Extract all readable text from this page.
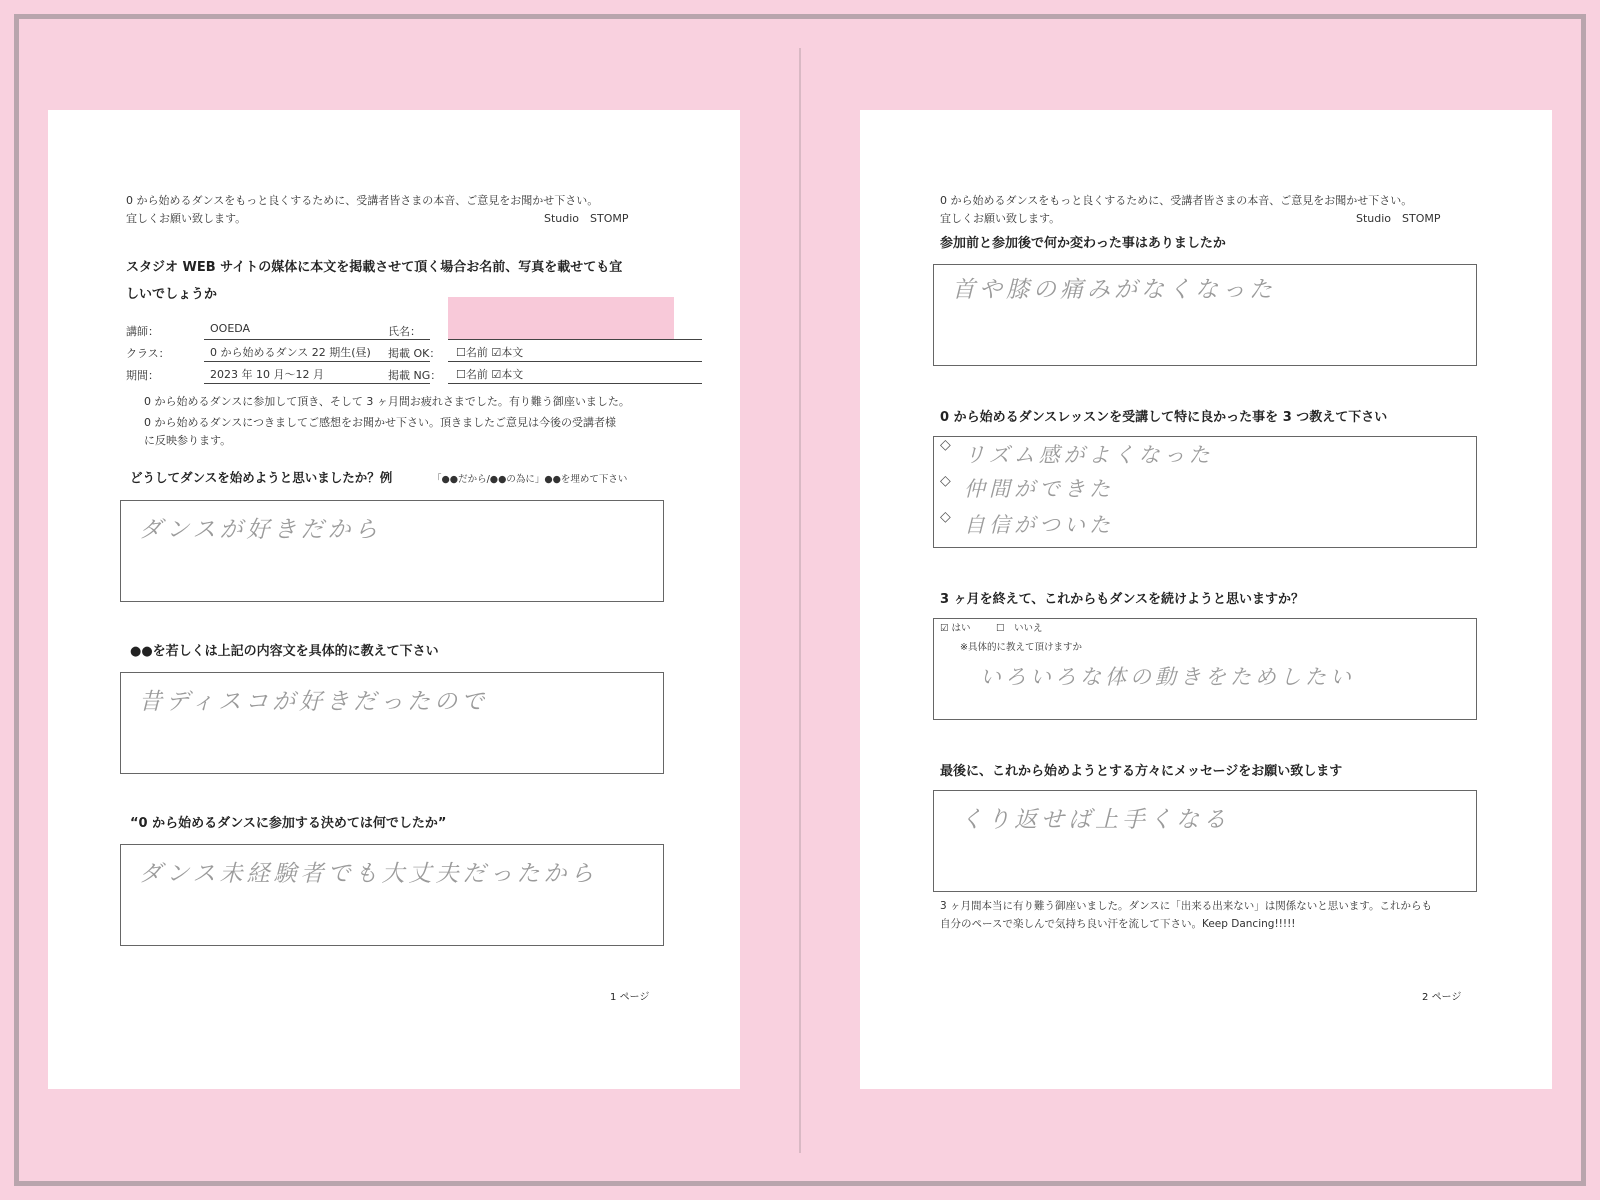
0 から始めるダンスをもっと良くするために、受講者皆さまの本音、ご意見をお聞かせ下さい。
宜しくお願い致します。	Studio　STOMP
スタジオ WEB サイトの媒体に本文を掲載させて頂く場合お名前、写真を載せても宜
しいでしょうか
講師：	OOEDA
クラス：	0 から始めるダンス 22 期生(昼)
期間：	2023 年 10 月〜12 月
氏名：
掲載 OK： ☐名前 ☑本文
掲載 NG： ☐名前 ☑本文
0 から始めるダンスに参加して頂き、そして 3 ヶ月間お疲れさまでした。有り難う御座いました。
0 から始めるダンスにつきましてご感想をお聞かせ下さい。頂きましたご意見は今後の受講者様
に反映参ります。
どうしてダンスを始めようと思いましたか？例	「●●だから/●●の為に」●●を埋めて下さい
ダンスが好きだから
●●を若しくは上記の内容文を具体的に教えて下さい
昔ディスコが好きだったので
“0 から始めるダンスに参加する決めては何でしたか”
ダンス未経験者でも大丈夫だったから
1 ページ
0 から始めるダンスをもっと良くするために、受講者皆さまの本音、ご意見をお聞かせ下さい。
宜しくお願い致します。	Studio　STOMP
参加前と参加後で何か変わった事はありましたか
首や膝の痛みがなくなった
0 から始めるダンスレッスンを受講して特に良かった事を 3 つ教えて下さい
◇ リズム感がよくなった
◇ 仲間ができた
◇ 自信がついた
3 ヶ月を終えて、これからもダンスを続けようと思いますか？
☑ はい	☐　いいえ
※具体的に教えて頂けますか
いろいろな体の動きをためしたい
最後に、これから始めようとする方々にメッセージをお願い致します
くり返せば上手くなる
3 ヶ月間本当に有り難う御座いました。ダンスに「出来る出来ない」は関係ないと思います。これからも
自分のペースで楽しんで気持ち良い汗を流して下さい。Keep Dancing!!!!!
2 ページ
